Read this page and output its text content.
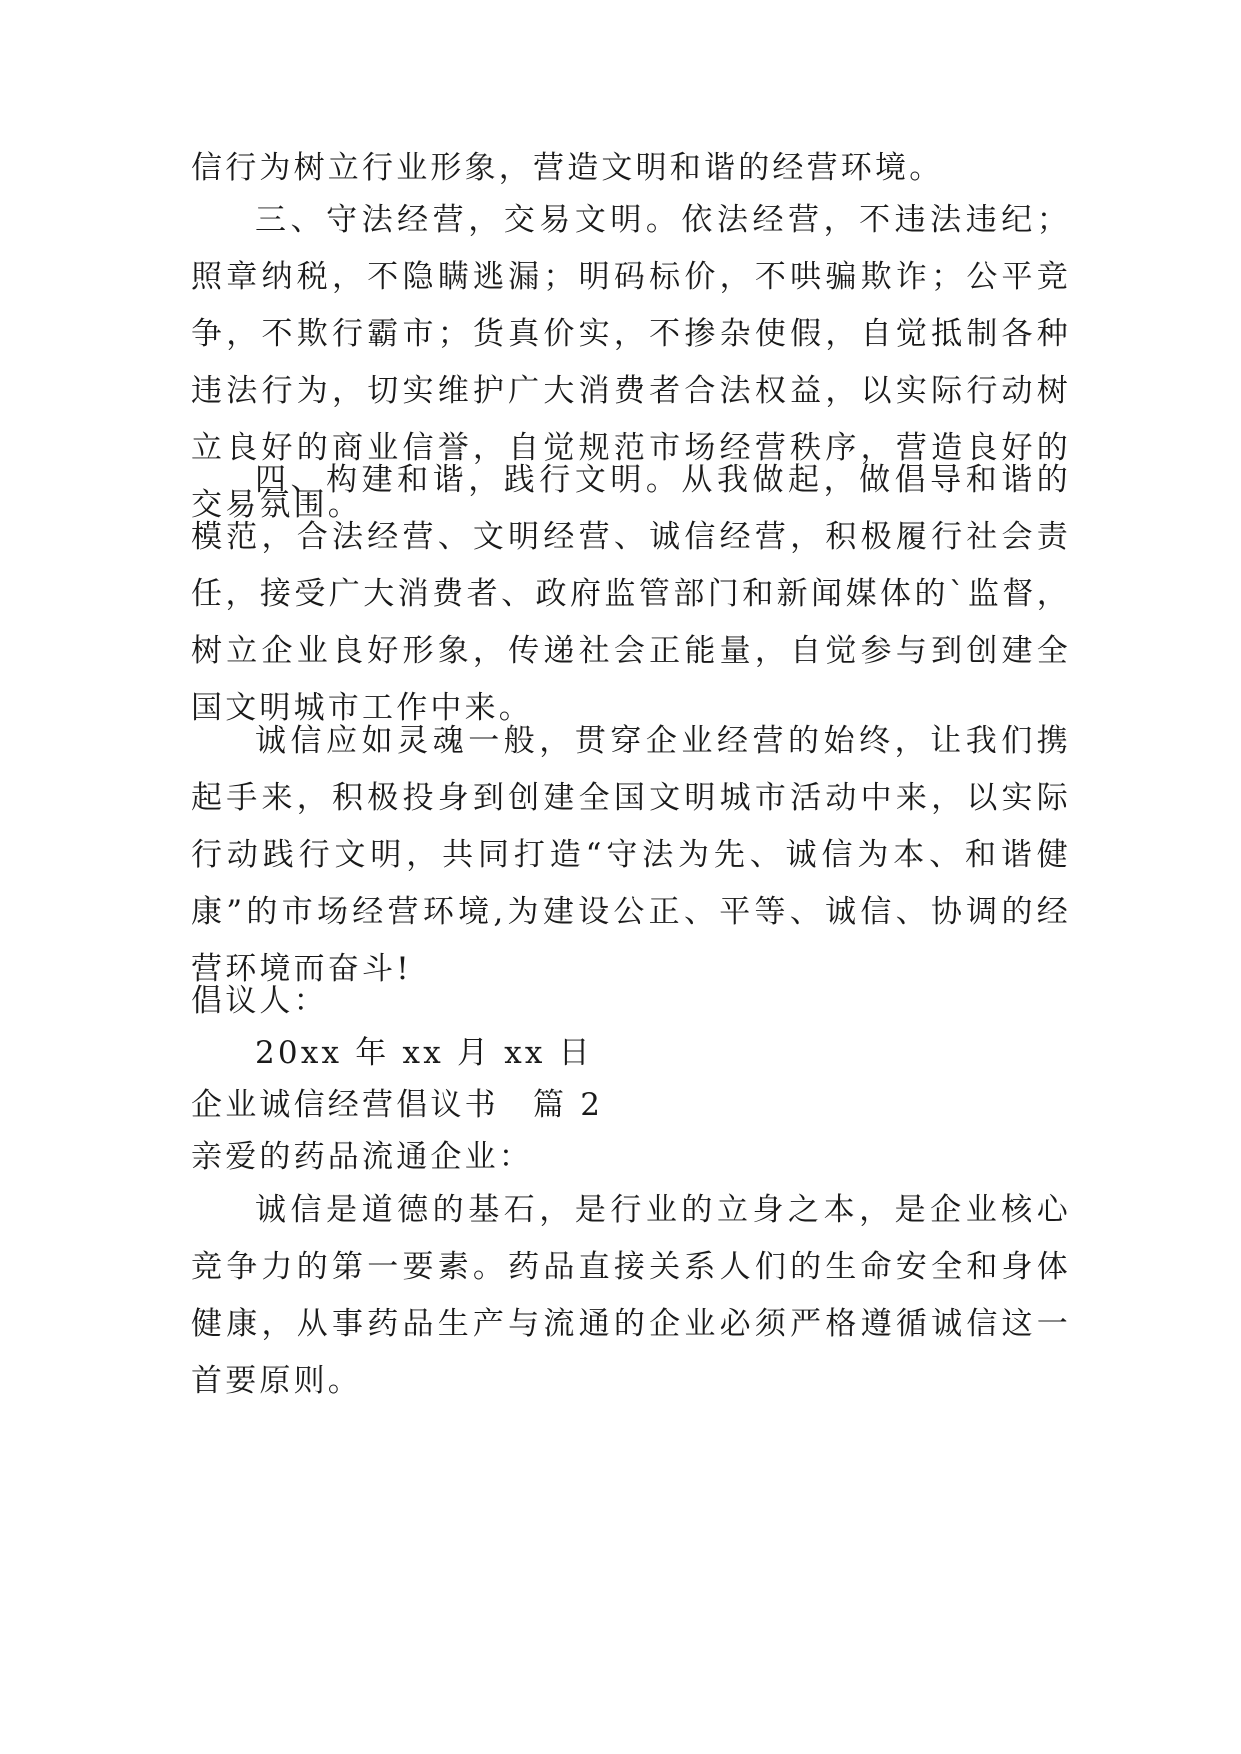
信行为树立行业形象，营造文明和谐的经营环境。
三、守法经营，交易文明。依法经营，不违法违纪；照章纳税，不隐瞒逃漏；明码标价，不哄骗欺诈；公平竞争，不欺行霸市；货真价实，不掺杂使假，自觉抵制各种违法行为，切实维护广大消费者合法权益，以实际行动树立良好的商业信誉，自觉规范市场经营秩序，营造良好的交易氛围。
四、构建和谐，践行文明。从我做起，做倡导和谐的模范，合法经营、文明经营、诚信经营，积极履行社会责任，接受广大消费者、政府监管部门和新闻媒体的`监督，树立企业良好形象，传递社会正能量，自觉参与到创建全国文明城市工作中来。
诚信应如灵魂一般，贯穿企业经营的始终，让我们携起手来，积极投身到创建全国文明城市活动中来，以实际行动践行文明，共同打造“守法为先、诚信为本、和谐健康”的市场经营环境,为建设公正、平等、诚信、协调的经营环境而奋斗!
倡议人：
20xx 年 xx 月 xx 日
企业诚信经营倡议书　篇 2
亲爱的药品流通企业：
诚信是道德的基石，是行业的立身之本，是企业核心竞争力的第一要素。药品直接关系人们的生命安全和身体健康，从事药品生产与流通的企业必须严格遵循诚信这一首要原则。
